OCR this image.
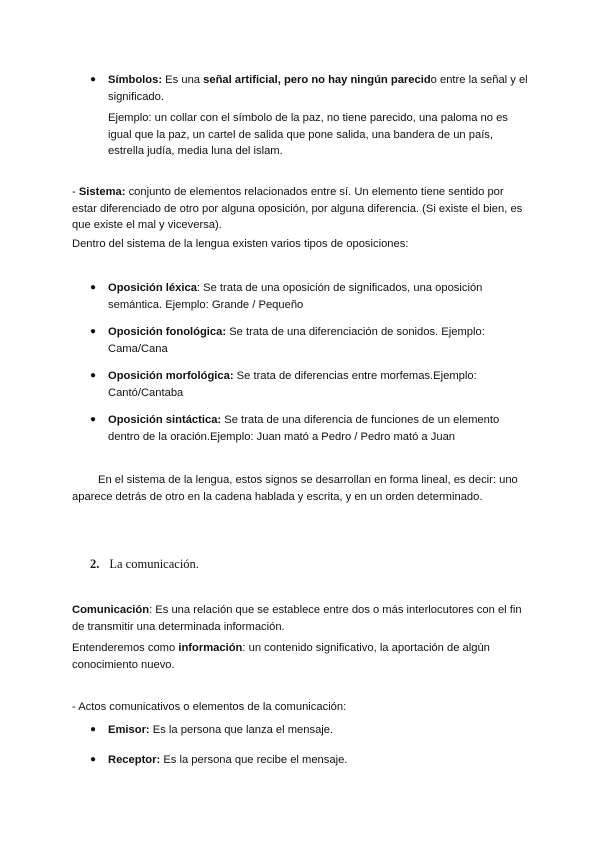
● Símbolos: Es una señal artificial, pero no hay ningún parecido entre la señal y el
significado.
Ejemplo: un collar con el símbolo de la paz, no tiene parecido, una paloma no es
igual que la paz, un cartel de salida que pone salida, una bandera de un país,
estrella judía, media luna del islam.
- Sistema: conjunto de elementos relacionados entre sí. Un elemento tiene sentido por
estar diferenciado de otro por alguna oposición, por alguna diferencia. (Si existe el bien, es
que existe el mal y viceversa).
Dentro del sistema de la lengua existen varios tipos de oposiciones:
● Oposición léxica: Se trata de una oposición de significados, una oposición
semántica. Ejemplo: Grande / Pequeño
● Oposición fonológica: Se trata de una diferenciación de sonidos. Ejemplo:
Cama/Cana
● Oposición morfológica: Se trata de diferencias entre morfemas.Ejemplo:
Cantó/Cantaba
● Oposición sintáctica: Se trata de una diferencia de funciones de un elemento
dentro de la oración.Ejemplo: Juan mató a Pedro / Pedro mató a Juan
En el sistema de la lengua, estos signos se desarrollan en forma lineal, es decir: uno
aparece detrás de otro en la cadena hablada y escrita, y en un orden determinado.
2. La comunicación.
Comunicación: Es una relación que se establece entre dos o más interlocutores con el fin
de transmitir una determinada información.
Entenderemos como información: un contenido significativo, la aportación de algún
conocimiento nuevo.
- Actos comunicativos o elementos de la comunicación:
● Emisor: Es la persona que lanza el mensaje.
● Receptor: Es la persona que recibe el mensaje.
